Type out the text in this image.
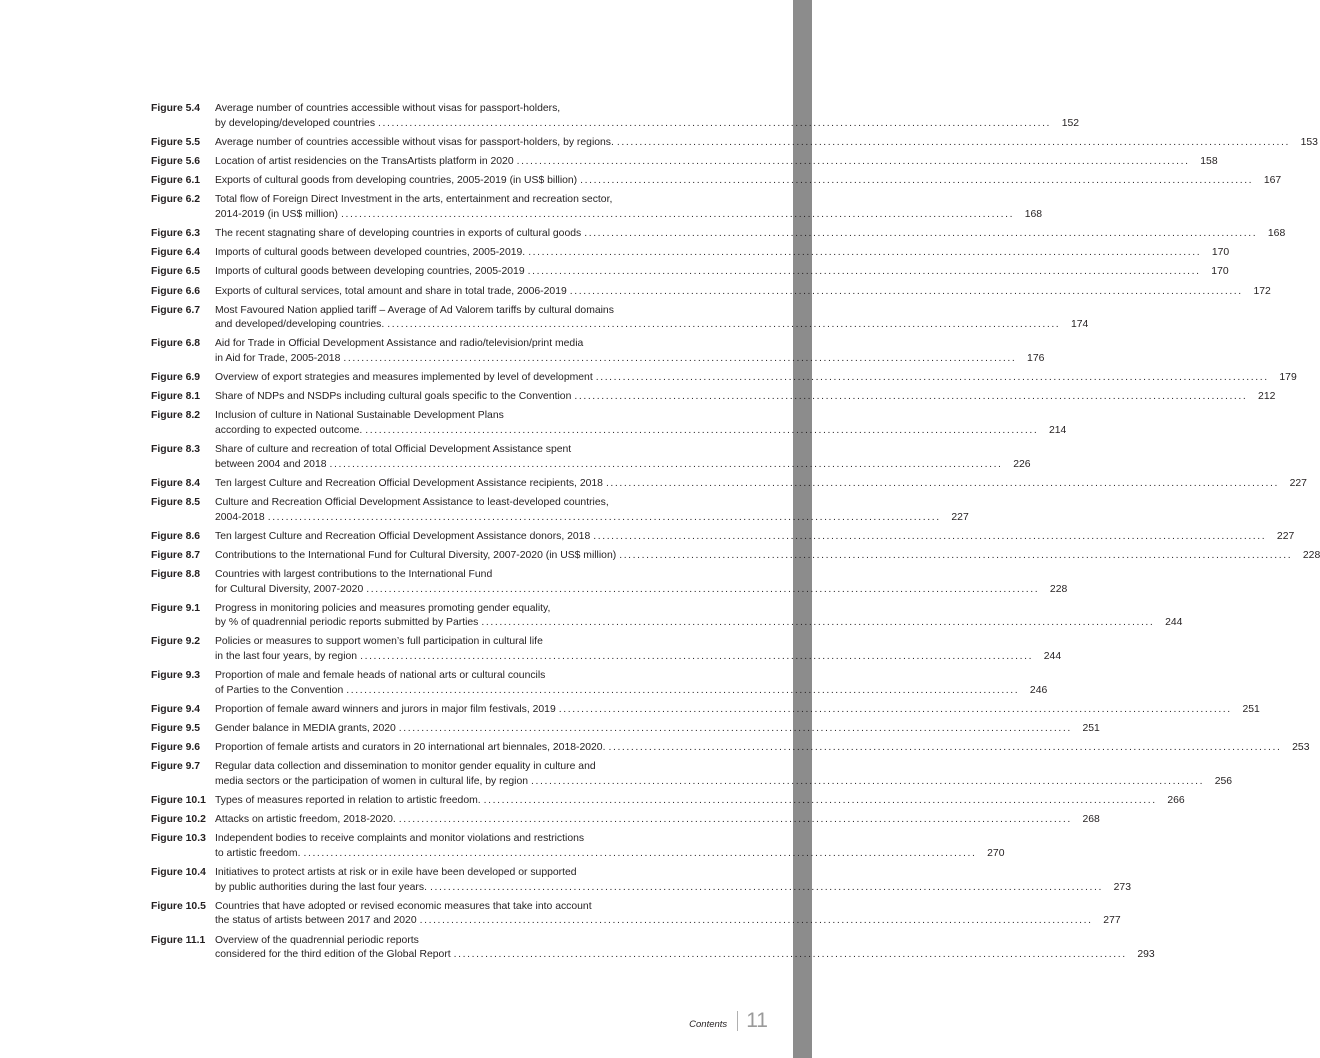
Figure 5.4	Average number of countries accessible without visas for passport-holders,
by developing/developed countries ......................................................................................................................................................	152
Figure 5.5	Average number of countries accessible without visas for passport-holders, by regions. ......................................................................................................................................................	153
Figure 5.6	Location of artist residencies on the TransArtists platform in 2020 ......................................................................................................................................................	158
Figure 6.1	Exports of cultural goods from developing countries, 2005-2019 (in US$ billion) ......................................................................................................................................................	167
Figure 6.2	Total flow of Foreign Direct Investment in the arts, entertainment and recreation sector,
2014-2019 (in US$ million) ......................................................................................................................................................	168
Figure 6.3	The recent stagnating share of developing countries in exports of cultural goods ......................................................................................................................................................	168
Figure 6.4	Imports of cultural goods between developed countries, 2005-2019. ......................................................................................................................................................	170
Figure 6.5	Imports of cultural goods between developing countries, 2005-2019 ......................................................................................................................................................	170
Figure 6.6	Exports of cultural services, total amount and share in total trade, 2006-2019 ......................................................................................................................................................	172
Figure 6.7	Most Favoured Nation applied tariff – Average of Ad Valorem tariffs by cultural domains
and developed/developing countries. ......................................................................................................................................................	174
Figure 6.8	Aid for Trade in Official Development Assistance and radio/television/print media
in Aid for Trade, 2005-2018 ......................................................................................................................................................	176
Figure 6.9	Overview of export strategies and measures implemented by level of development ......................................................................................................................................................	179
Figure 8.1	Share of NDPs and NSDPs including cultural goals specific to the Convention ......................................................................................................................................................	212
Figure 8.2	Inclusion of culture in National Sustainable Development Plans
according to expected outcome. ......................................................................................................................................................	214
Figure 8.3	Share of culture and recreation of total Official Development Assistance spent
between 2004 and 2018 ......................................................................................................................................................	226
Figure 8.4	Ten largest Culture and Recreation Official Development Assistance recipients, 2018 ......................................................................................................................................................	227
Figure 8.5	Culture and Recreation Official Development Assistance to least-developed countries,
2004-2018 ......................................................................................................................................................	227
Figure 8.6	Ten largest Culture and Recreation Official Development Assistance donors, 2018 ......................................................................................................................................................	227
Figure 8.7	Contributions to the International Fund for Cultural Diversity, 2007-2020 (in US$ million) ......................................................................................................................................................	228
Figure 8.8	Countries with largest contributions to the International Fund
for Cultural Diversity, 2007-2020 ......................................................................................................................................................	228
Figure 9.1	Progress in monitoring policies and measures promoting gender equality,
by % of quadrennial periodic reports submitted by Parties ......................................................................................................................................................	244
Figure 9.2	Policies or measures to support women’s full participation in cultural life
in the last four years, by region ......................................................................................................................................................	244
Figure 9.3	Proportion of male and female heads of national arts or cultural councils
of Parties to the Convention ......................................................................................................................................................	246
Figure 9.4	Proportion of female award winners and jurors in major film festivals, 2019 ......................................................................................................................................................	251
Figure 9.5	Gender balance in MEDIA grants, 2020 ......................................................................................................................................................	251
Figure 9.6	Proportion of female artists and curators in 20 international art biennales, 2018-2020. ......................................................................................................................................................	253
Figure 9.7	Regular data collection and dissemination to monitor gender equality in culture and
media sectors or the participation of women in cultural life, by region ......................................................................................................................................................	256
Figure 10.1 Types of measures reported in relation to artistic freedom. ......................................................................................................................................................	266
Figure 10.2 Attacks on artistic freedom, 2018-2020. ......................................................................................................................................................	268
Figure 10.3 Independent bodies to receive complaints and monitor violations and restrictions
to artistic freedom. ......................................................................................................................................................	270
Figure 10.4 Initiatives to protect artists at risk or in exile have been developed or supported
by public authorities during the last four years. ......................................................................................................................................................	273
Figure 10.5 Countries that have adopted or revised economic measures that take into account
the status of artists between 2017 and 2020 ......................................................................................................................................................	277
Figure 11.1 Overview of the quadrennial periodic reports
considered for the third edition of the Global Report ......................................................................................................................................................	293
Contents 11
